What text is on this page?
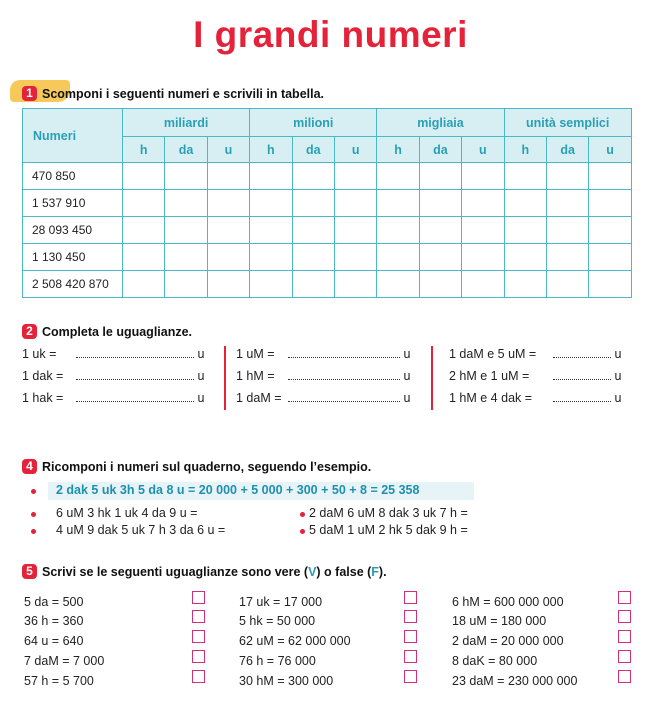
I grandi numeri
1 Scomponi i seguenti numeri e scrivili in tabella.
Numeri	miliardi			milioni			migliaia			unità semplici		
	h	da	u	h	da	u	h	da	u	h	da	u
470 850												
1 537 910												
28 093 450												
1 130 450												
2 508 420 870												
2 Completa le uguaglianze.
1 uk =	u
1 dak =	u
1 hak =	u
1 uM =	u
1 hM =	u
1 daM =	u
1 daM e 5 uM =	u
2 hM e 1 uM =	u
1 hM e 4 dak =	u
4 Ricomponi i numeri sul quaderno, seguendo l’esempio.
2 dak 5 uk 3h 5 da 8 u = 20 000 + 5 000 + 300 + 50 + 8 = 25 358
6 uM 3 hk 1 uk 4 da 9 u =
4 uM 9 dak 5 uk 7 h 3 da 6 u =
2 daM 6 uM 8 dak 3 uk 7 h =
5 daM 1 uM 2 hk 5 dak 9 h =
5 Scrivi se le seguenti uguaglianze sono vere (V) o false (F).
5 da = 500
36 h = 360
64 u = 640
7 daM = 7 000
57 h = 5 700
17 uk = 17 000
5 hk = 50 000
62 uM = 62 000 000
76 h = 76 000
30 hM = 300 000
6 hM = 600 000 000
18 uM = 180 000
2 daM = 20 000 000
8 daK = 80 000
23 daM = 230 000 000
